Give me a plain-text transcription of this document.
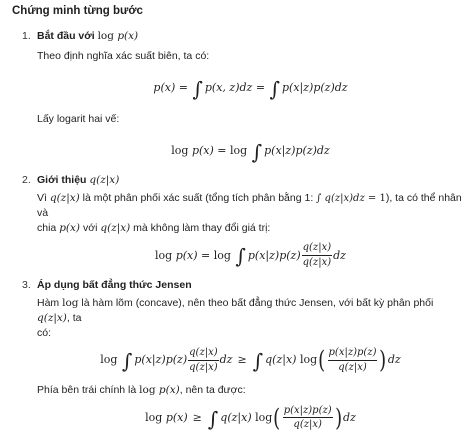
Chứng minh từng bước
1. Bắt đầu với log p(x)
Theo định nghĩa xác suất biên, ta có:
p(x)
=
∫ p(x, z)dz
=
∫ p(x|z)p(z)dz
Lấy logarit hai vế:
log
p(x)
=
log
∫ p(x|z)p(z)dz
2. Giới thiệu q(z|x)
Vì q(z|x) là một phân phối xác suất (tổng tích phân bằng 1: ∫ q(z|x)dz = 1), ta có thể nhân và
chia p(x) với q(z|x) mà không làm thay đổi giá trị:
log
p(x)
=
log
∫ $p(x|z)p(z) \frac{q(z|x)}{q(z|x)}$ dz
3. Áp dụng bất đẳng thức Jensen
Hàm log là hàm lõm (concave), nên theo bất đẳng thức Jensen, với bất kỳ phân phối q(z|x), ta
có:
log
∫ $p(x|z)p(z) \frac{q(z|x)}{q(z|x)}$ dz ≥ ∫ q(z|x)
log ( $\frac{p(x|z)p(z)}{q(z|x)}$ ) dz
Phía bên trái chính là log p(x), nên ta được:
log
p(x) ≥ ∫ q(z|x)
log ( $\frac{p(x|z)p(z)}{q(z|x)}$ ) dz
